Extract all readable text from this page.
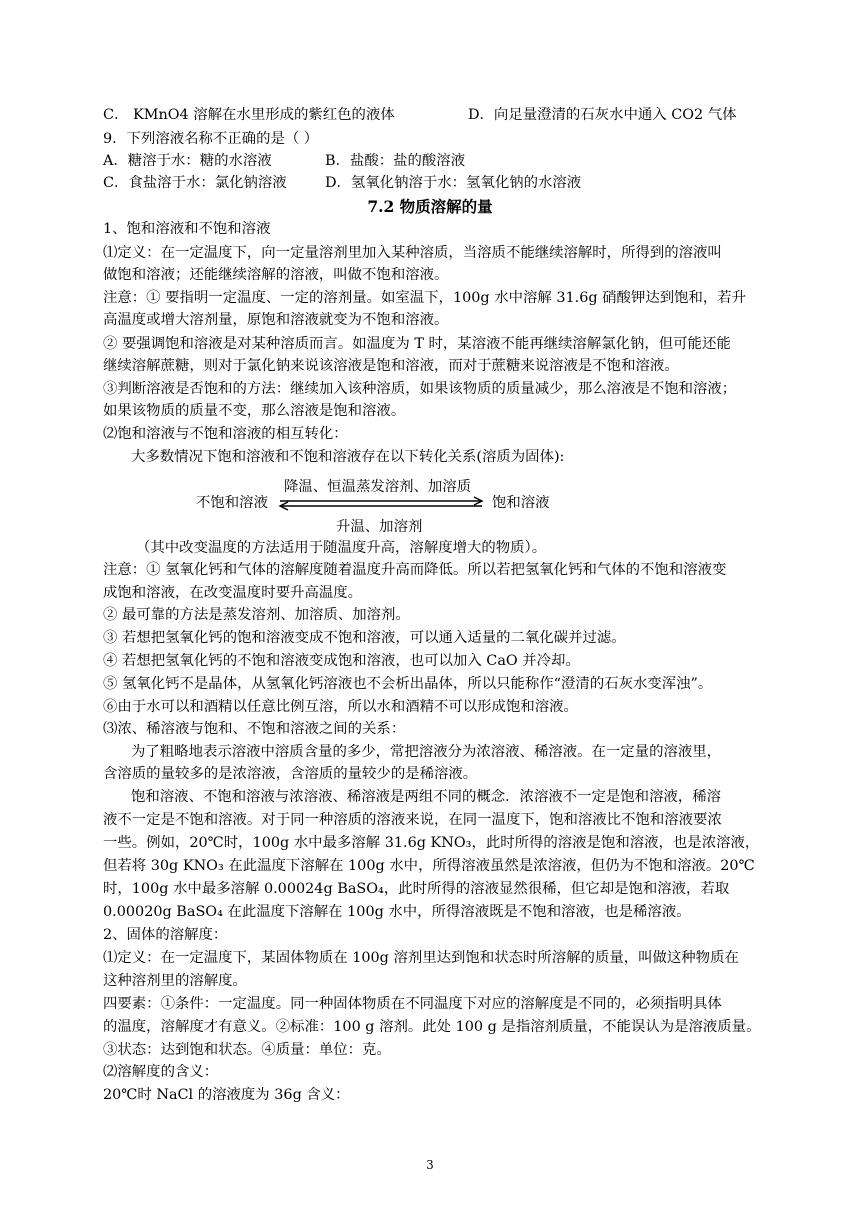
C． KMnO4 溶解在水里形成的紫红色的液体	D．向足量澄清的石灰水中通入 CO2 气体
9．下列溶液名称不正确的是（ ）
A．糖溶于水：糖的水溶液	B．盐酸：盐的酸溶液
C．食盐溶于水：氯化钠溶液	D．氢氧化钠溶于水：氢氧化钠的水溶液
7.2 物质溶解的量
1、饱和溶液和不饱和溶液
⑴定义：在一定温度下，向一定量溶剂里加入某种溶质，当溶质不能继续溶解时，所得到的溶液叫
做饱和溶液；还能继续溶解的溶液，叫做不饱和溶液。
注意：① 要指明一定温度、一定的溶剂量。如室温下，100g 水中溶解 31.6g 硝酸钾达到饱和，若升
高温度或增大溶剂量，原饱和溶液就变为不饱和溶液。
② 要强调饱和溶液是对某种溶质而言。如温度为 T 时，某溶液不能再继续溶解氯化钠，但可能还能
继续溶解蔗糖，则对于氯化钠来说该溶液是饱和溶液，而对于蔗糖来说溶液是不饱和溶液。
③判断溶液是否饱和的方法：继续加入该种溶质，如果该物质的质量减少，那么溶液是不饱和溶液；
如果该物质的质量不变，那么溶液是饱和溶液。
⑵饱和溶液与不饱和溶液的相互转化：
大多数情况下饱和溶液和不饱和溶液存在以下转化关系(溶质为固体):
不饱和溶液	饱和溶液
降温、恒温蒸发溶剂、加溶质
升温、加溶剂
（其中改变温度的方法适用于随温度升高，溶解度增大的物质）。
注意：① 氢氧化钙和气体的溶解度随着温度升高而降低。所以若把氢氧化钙和气体的不饱和溶液变
成饱和溶液，在改变温度时要升高温度。
② 最可靠的方法是蒸发溶剂、加溶质、加溶剂。
③ 若想把氢氧化钙的饱和溶液变成不饱和溶液，可以通入适量的二氧化碳并过滤。
④ 若想把氢氧化钙的不饱和溶液变成饱和溶液，也可以加入 CaO 并冷却。
⑤ 氢氧化钙不是晶体，从氢氧化钙溶液也不会析出晶体，所以只能称作“澄清的石灰水变浑浊”。
⑥由于水可以和酒精以任意比例互溶，所以水和酒精不可以形成饱和溶液。
⑶浓、稀溶液与饱和、不饱和溶液之间的关系：
为了粗略地表示溶液中溶质含量的多少，常把溶液分为浓溶液、稀溶液。在一定量的溶液里，
含溶质的量较多的是浓溶液，含溶质的量较少的是稀溶液。
饱和溶液、不饱和溶液与浓溶液、稀溶液是两组不同的概念．浓溶液不一定是饱和溶液，稀溶
液不一定是不饱和溶液。对于同一种溶质的溶液来说，在同一温度下，饱和溶液比不饱和溶液要浓
一些。例如，20℃时，100g 水中最多溶解 31.6g KNO₃，此时所得的溶液是饱和溶液，也是浓溶液，
但若将 30g KNO₃ 在此温度下溶解在 100g 水中，所得溶液虽然是浓溶液，但仍为不饱和溶液。20℃
时，100g 水中最多溶解 0.00024g BaSO₄，此时所得的溶液显然很稀，但它却是饱和溶液，若取
0.00020g BaSO₄ 在此温度下溶解在 100g 水中，所得溶液既是不饱和溶液，也是稀溶液。
2、固体的溶解度：
⑴定义：在一定温度下，某固体物质在 100g 溶剂里达到饱和状态时所溶解的质量，叫做这种物质在
这种溶剂里的溶解度。
四要素：①条件：一定温度。同一种固体物质在不同温度下对应的溶解度是不同的，必须指明具体
的温度，溶解度才有意义。②标准：100 g 溶剂。此处 100 g 是指溶剂质量，不能误认为是溶液质量。
③状态：达到饱和状态。④质量：单位：克。
⑵溶解度的含义：
20℃时 NaCl 的溶液度为 36g 含义：
3
